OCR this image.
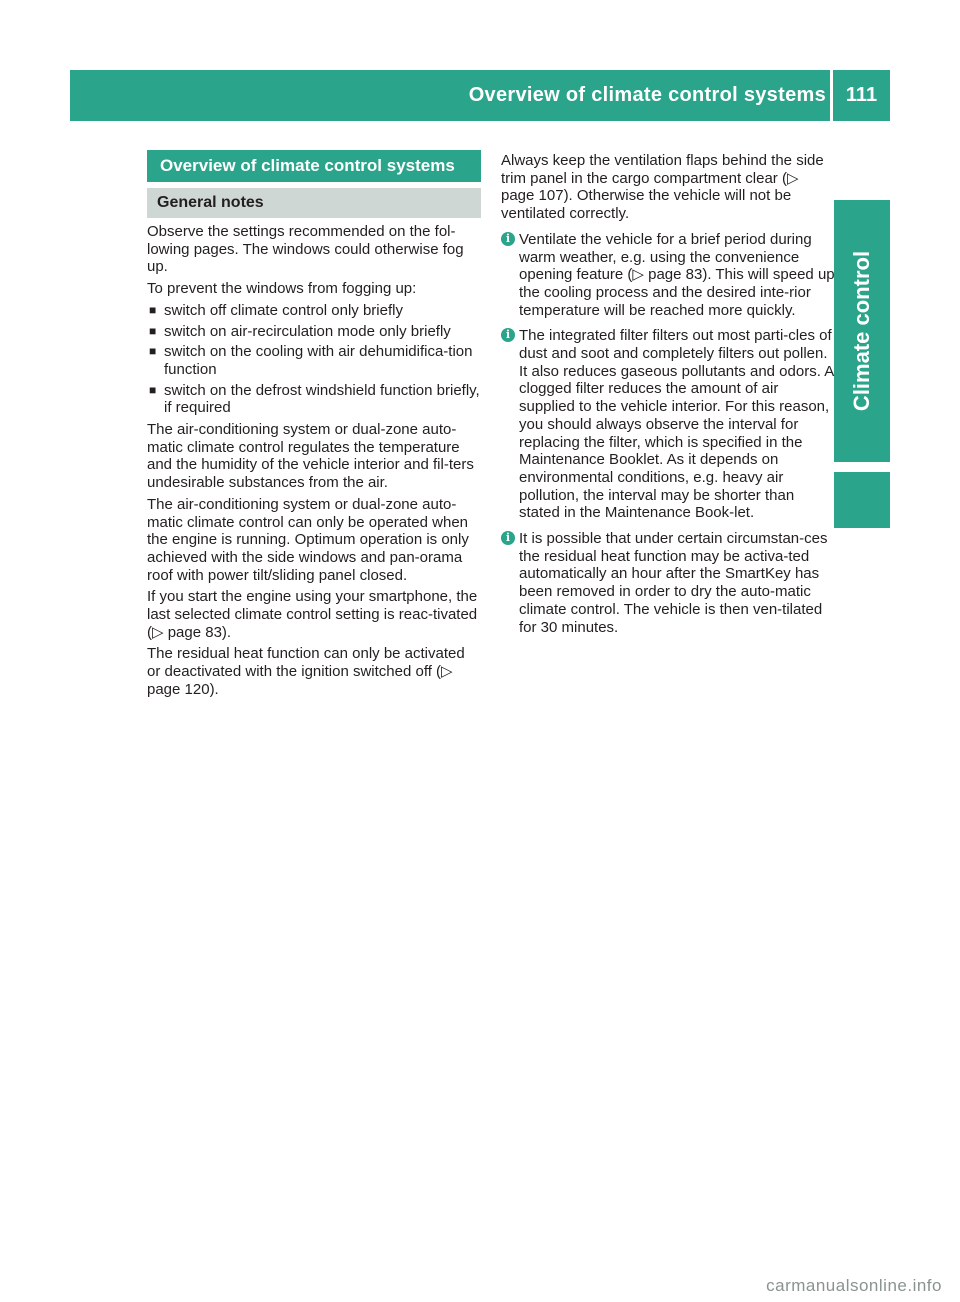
Overview of climate control systems 111
Climate control
Overview of climate control systems
General notes

Observe the settings recommended on the fol-lowing pages. The windows could otherwise fog up.

To prevent the windows from fogging up:

■ switch off climate control only briefly
■ switch on air-recirculation mode only briefly
■ switch on the cooling with air dehumidifica-tion function
■ switch on the defrost windshield function briefly, if required

The air-conditioning system or dual-zone auto-matic climate control regulates the temperature and the humidity of the vehicle interior and fil-ters undesirable substances from the air.

The air-conditioning system or dual-zone auto-matic climate control can only be operated when the engine is running. Optimum operation is only achieved with the side windows and pan-orama roof with power tilt/sliding panel closed.

If you start the engine using your smartphone, the last selected climate control setting is reac-tivated (▷ page 83).

The residual heat function can only be activated or deactivated with the ignition switched off (▷ page 120).

Always keep the ventilation flaps behind the side trim panel in the cargo compartment clear (▷ page 107). Otherwise the vehicle will not be ventilated correctly.

i Ventilate the vehicle for a brief period during warm weather, e.g. using the convenience opening feature (▷ page 83). This will speed up the cooling process and the desired inte-rior temperature will be reached more quickly.
i The integrated filter filters out most parti-cles of dust and soot and completely filters out pollen. It also reduces gaseous pollutants and odors. A clogged filter reduces the amount of air supplied to the vehicle interior. For this reason, you should always observe the interval for replacing the filter, which is specified in the Maintenance Booklet. As it depends on environmental conditions, e.g. heavy air pollution, the interval may be shorter than stated in the Maintenance Book-let.
i It is possible that under certain circumstan-ces the residual heat function may be activa-ted automatically an hour after the SmartKey has been removed in order to dry the auto-matic climate control. The vehicle is then ven-tilated for 30 minutes.
carmanualsonline.info
